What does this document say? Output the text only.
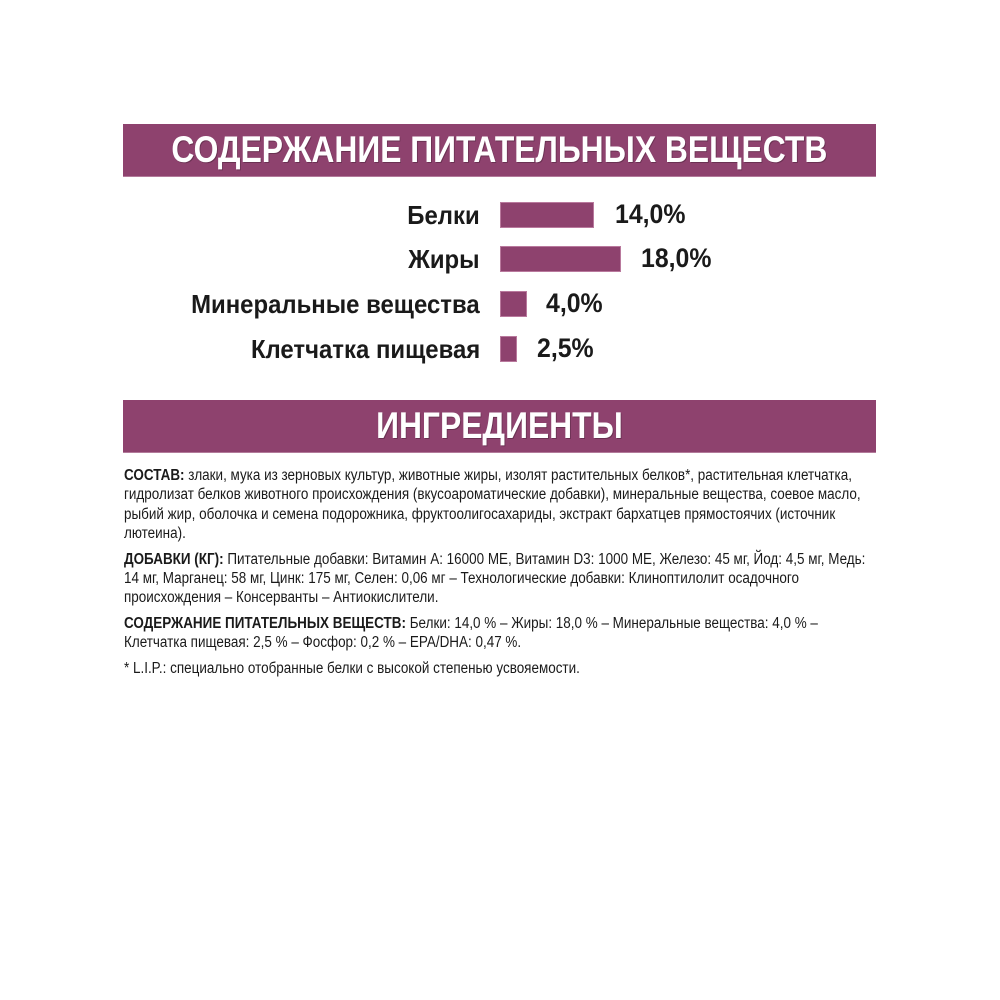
СОДЕРЖАНИЕ ПИТАТЕЛЬНЫХ ВЕЩЕСТВ
Белки	14,0%
Жиры	18,0%
Минеральные вещества 4,0%
Клетчатка пищевая 2,5%
ИНГРЕДИЕНТЫ

СОСТАВ: злаки, мука из зерновых культур, животные жиры, изолят растительных белков*, растительная клетчатка, гидролизат белков животного происхождения (вкусоароматические добавки), минеральные вещества, соевое масло, рыбий жир, оболочка и семена подорожника, фруктоолигосахариды, экстракт бархатцев прямостоячих (источник лютеина).

ДОБАВКИ (КГ): Питательные добавки: Витамин А: 16000 МЕ, Витамин D3: 1000 МЕ, Железо: 45 мг, Йод: 4,5 мг, Медь: 14 мг, Марганец: 58 мг, Цинк: 175 мг, Селен: 0,06 мг – Технологические добавки: Клиноптилолит осадочного происхождения – Консерванты – Антиокислители.

СОДЕРЖАНИЕ ПИТАТЕЛЬНЫХ ВЕЩЕСТВ: Белки: 14,0 % – Жиры: 18,0 % – Минеральные вещества: 4,0 % – Клетчатка пищевая: 2,5 % – Фосфор: 0,2 % – EPA/DHA: 0,47 %.

* L.I.P.: специально отобранные белки с высокой степенью усвояемости.
